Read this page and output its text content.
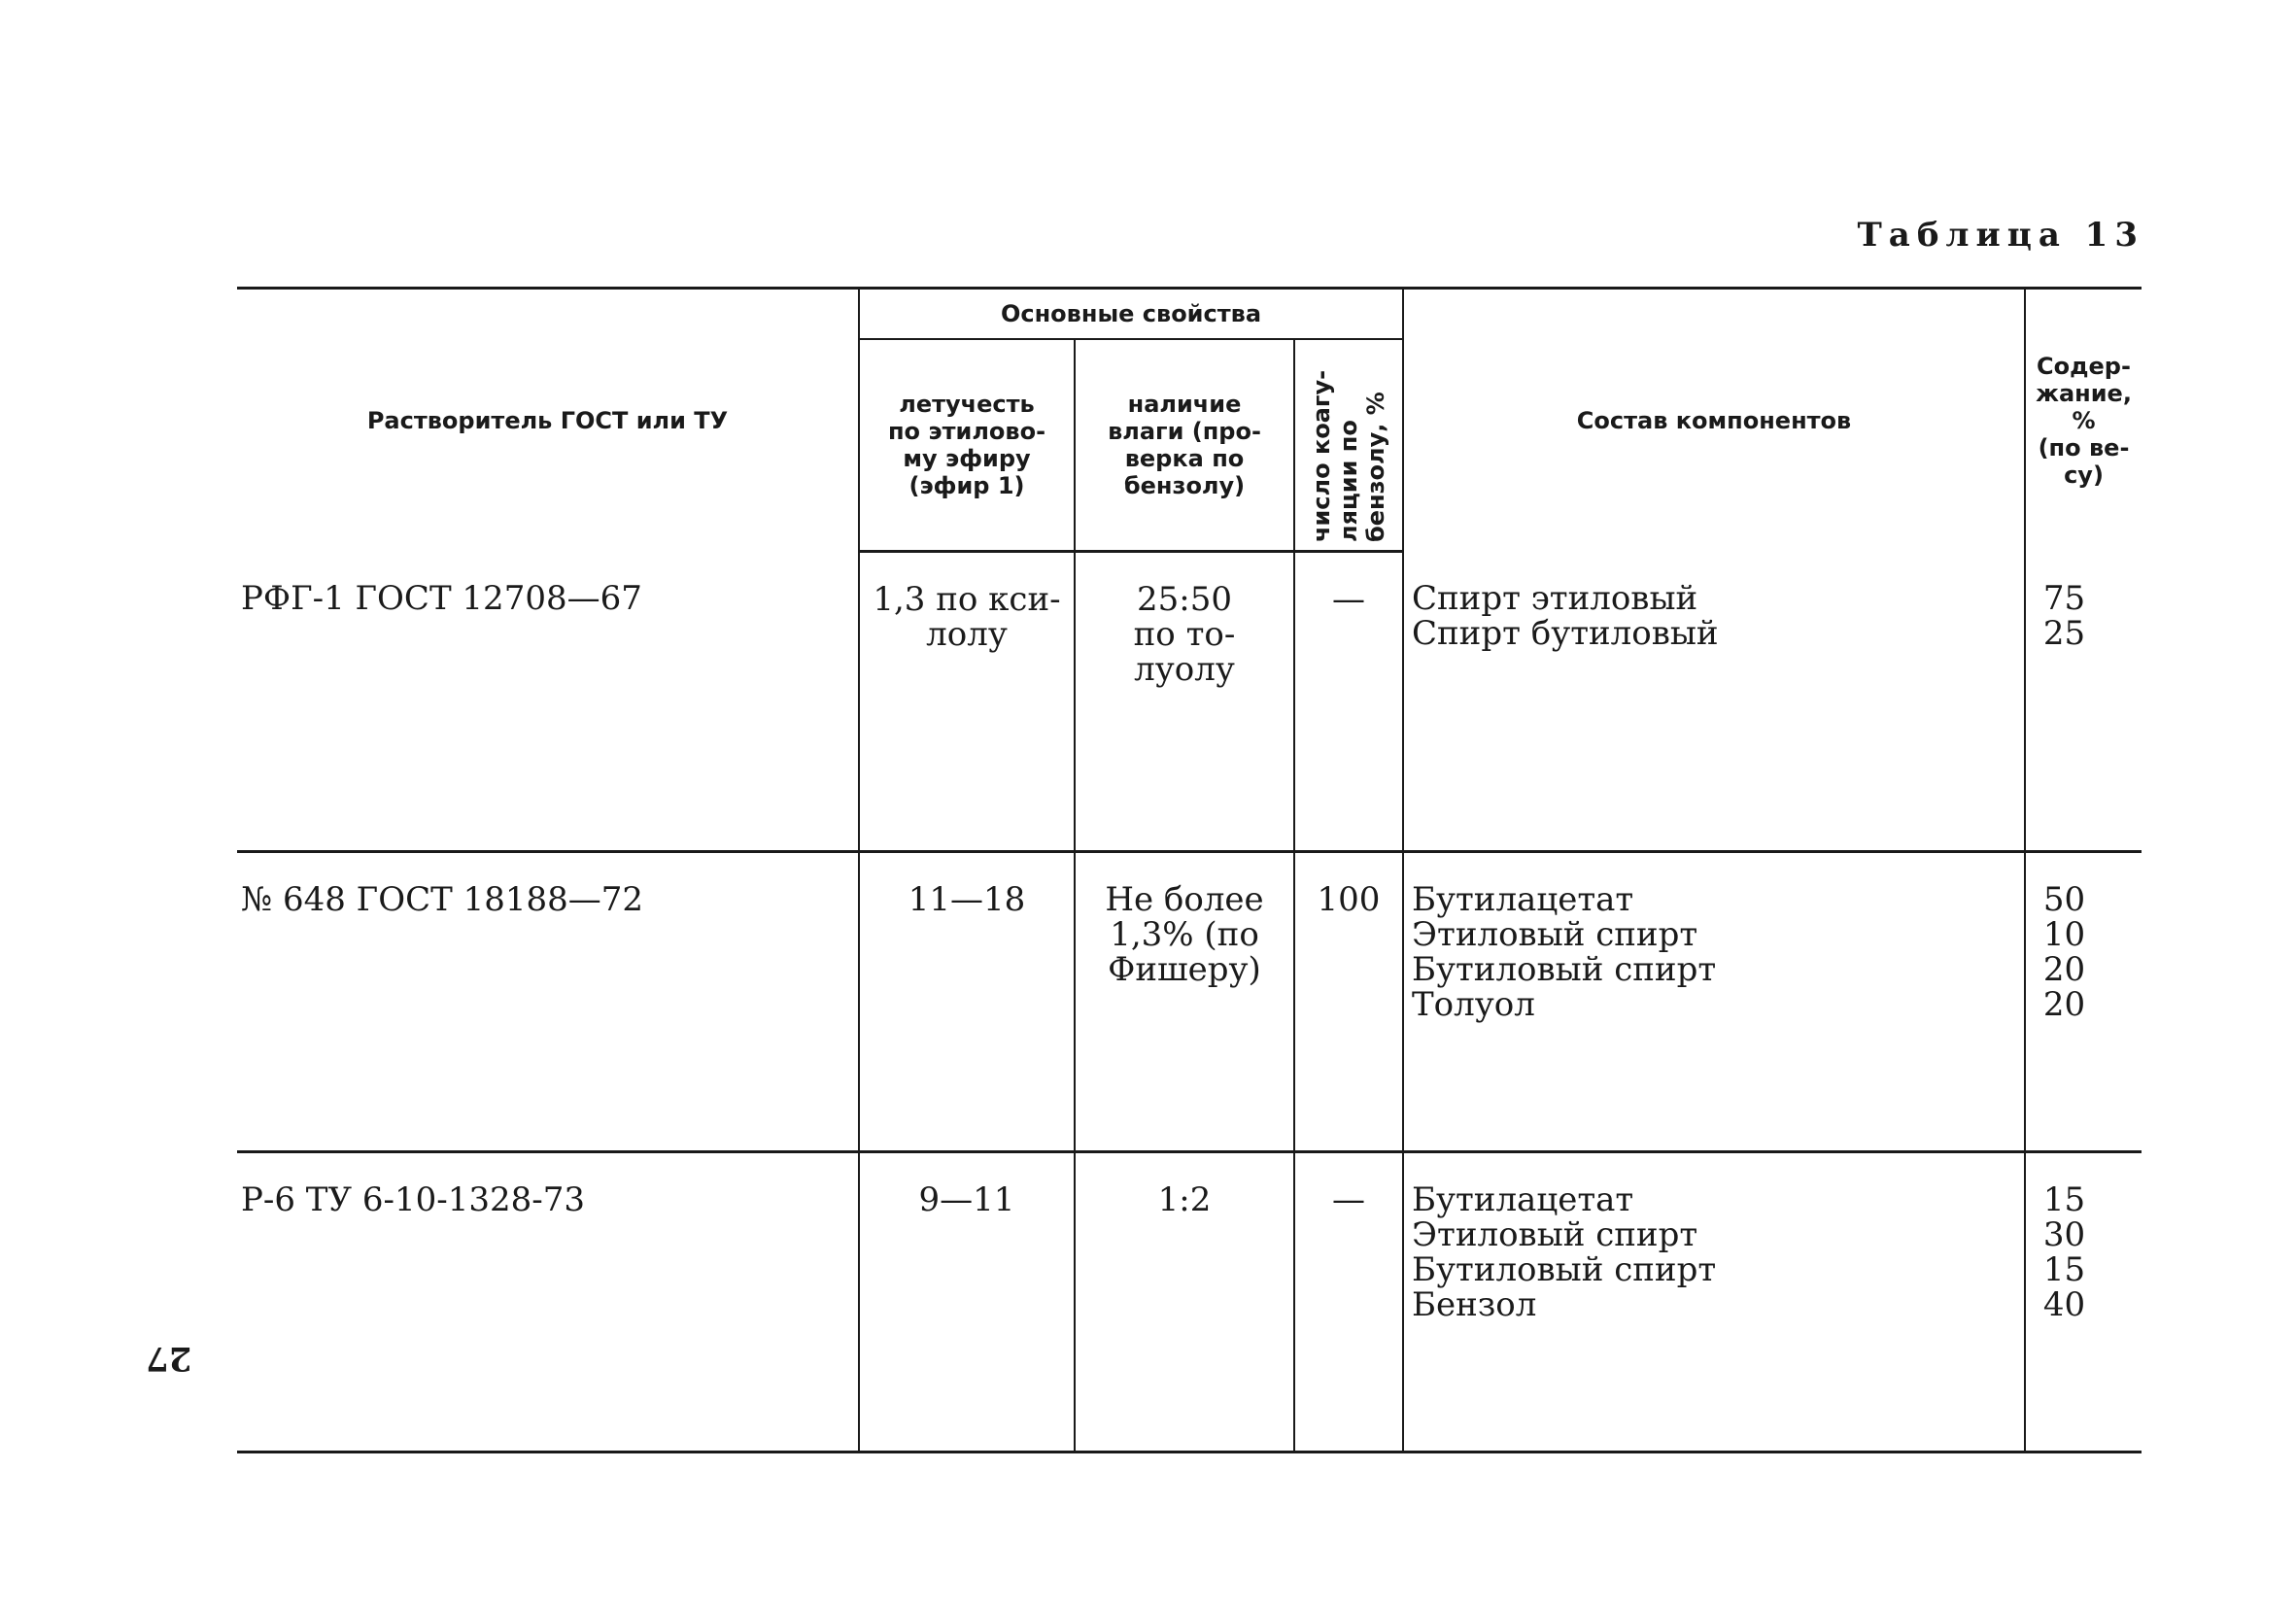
Таблица 13
27
Растворитель ГОСТ или ТУ	Основные свойства			Состав компонентов	Содер-
жание,
%
(по ве-
су)

	летучесть
по этилово-
му эфиру
(эфир 1)	наличие
влаги (про-
верка по
бензолу)	число коагу- ляции по бензолу, %		

РФГ-1 ГОСТ 12708—67	1,3 по кси-
лолу	25:50
по то-
луолу	—	Спирт этиловый
Спирт бутиловый	75
25

№ 648 ГОСТ 18188—72	11—18	Не более
1,3% (по
Фишеру)	100	Бутилацетат
Этиловый спирт
Бутиловый спирт
Толуол	50
10
20
20

Р-6 ТУ 6-10-1328-73	9—11	1:2	—	Бутилацетат
Этиловый спирт
Бутиловый спирт
Бензол	15
30
15
40
